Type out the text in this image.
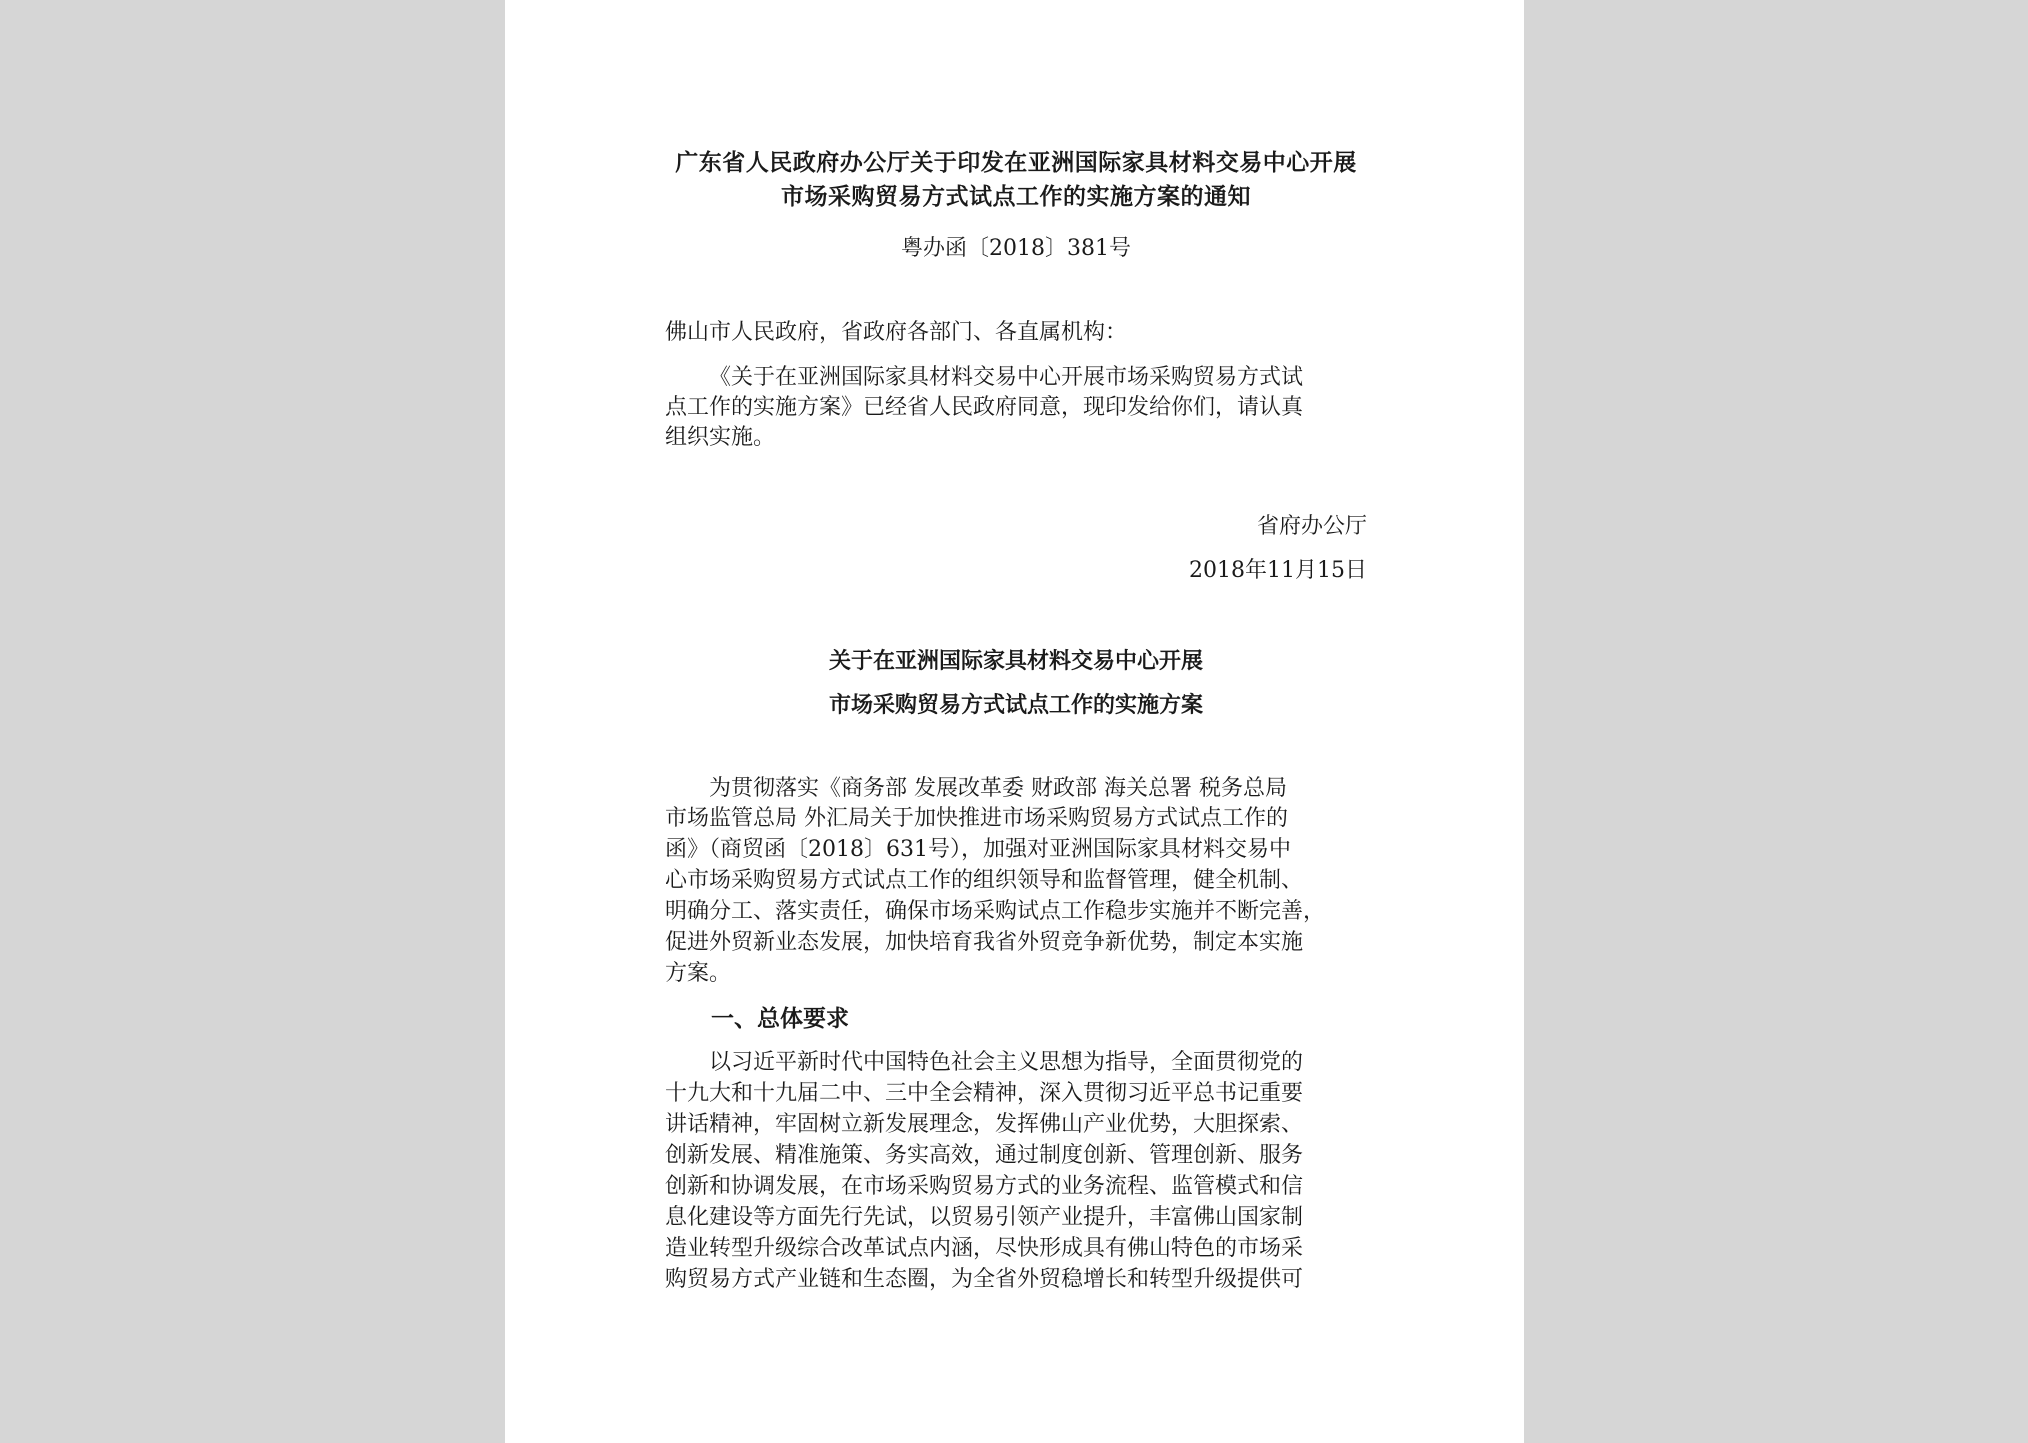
广东省人民政府办公厅关于印发在亚洲国际家具材料交易中心开展
市场采购贸易方式试点工作的实施方案的通知
粤办函〔2018〕381号
佛山市人民政府，省政府各部门、各直属机构：
《关于在亚洲国际家具材料交易中心开展市场采购贸易方式试
点工作的实施方案》已经省人民政府同意，现印发给你们，请认真
组织实施。
省府办公厅
2018年11月15日
关于在亚洲国际家具材料交易中心开展
市场采购贸易方式试点工作的实施方案
为贯彻落实《商务部 发展改革委 财政部 海关总署 税务总局
市场监管总局 外汇局关于加快推进市场采购贸易方式试点工作的
函》（商贸函〔2018〕631号），加强对亚洲国际家具材料交易中
心市场采购贸易方式试点工作的组织领导和监督管理，健全机制、
明确分工、落实责任，确保市场采购试点工作稳步实施并不断完善，
促进外贸新业态发展，加快培育我省外贸竞争新优势，制定本实施
方案。
一、总体要求
以习近平新时代中国特色社会主义思想为指导，全面贯彻党的
十九大和十九届二中、三中全会精神，深入贯彻习近平总书记重要
讲话精神，牢固树立新发展理念，发挥佛山产业优势，大胆探索、
创新发展、精准施策、务实高效，通过制度创新、管理创新、服务
创新和协调发展，在市场采购贸易方式的业务流程、监管模式和信
息化建设等方面先行先试，以贸易引领产业提升，丰富佛山国家制
造业转型升级综合改革试点内涵，尽快形成具有佛山特色的市场采
购贸易方式产业链和生态圈，为全省外贸稳增长和转型升级提供可
